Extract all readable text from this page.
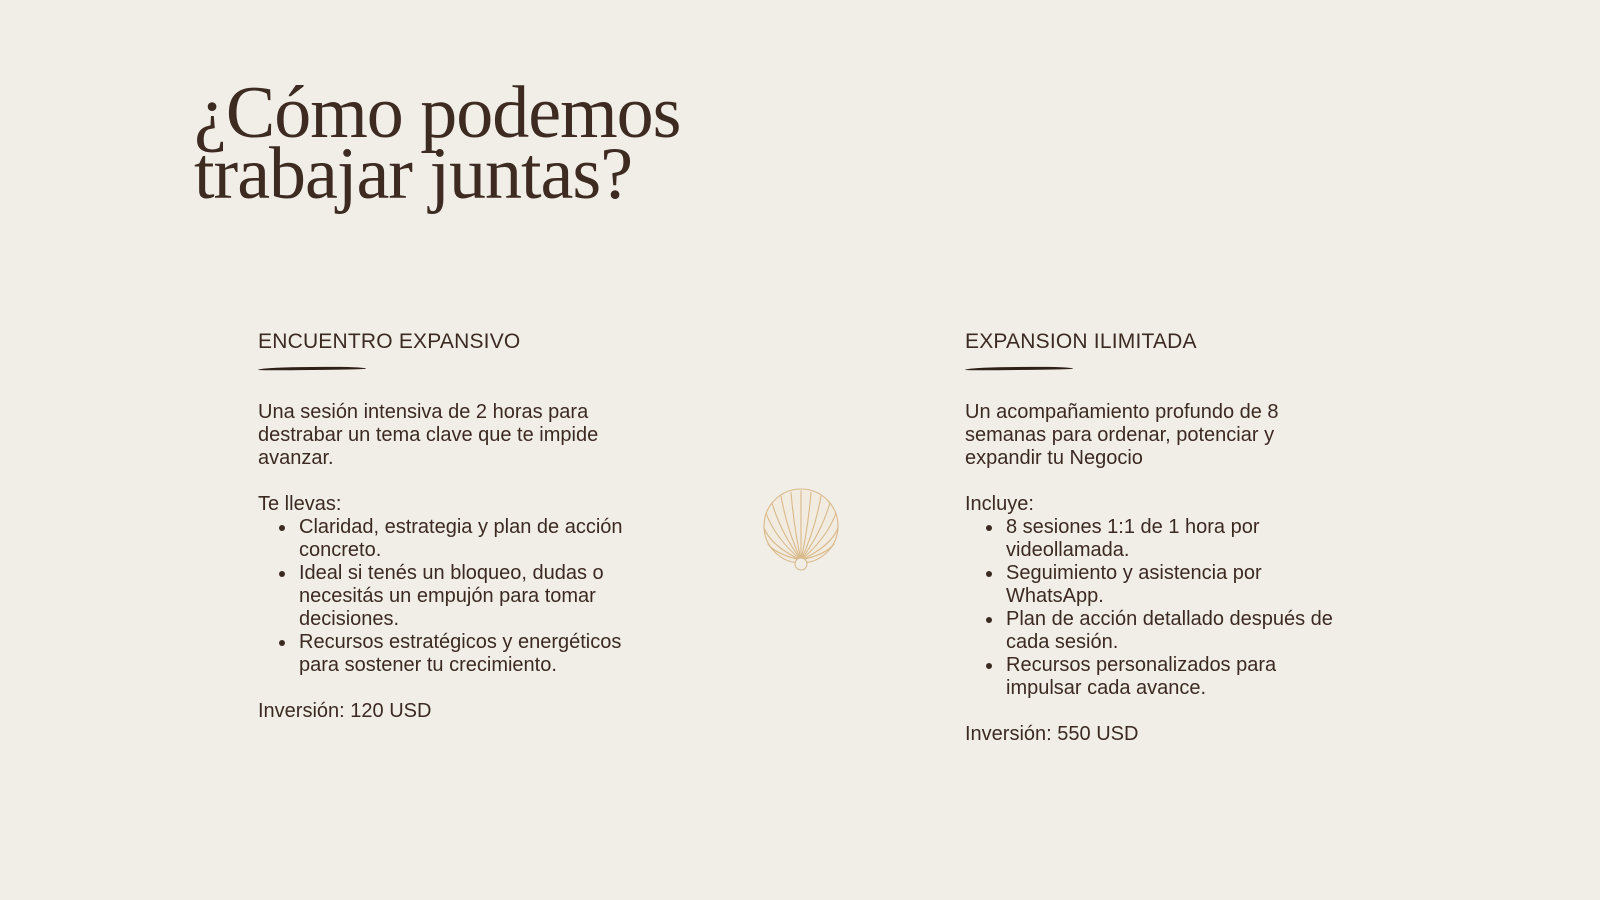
¿Cómo podemos
trabajar juntas?
ENCUENTRO EXPANSIVO

Una sesión intensiva de 2 horas para destrabar un tema clave que te impide avanzar.

Te llevas:

Claridad, estrategia y plan de acción concreto.
Ideal si tenés un bloqueo, dudas o necesitás un empujón para tomar decisiones.
Recursos estratégicos y energéticos para sostener tu crecimiento.

Inversión: 120 USD

EXPANSION ILIMITADA

Un acompañamiento profundo de 8 semanas para ordenar, potenciar y expandir tu Negocio

Incluye:

8 sesiones 1:1 de 1 hora por videollamada.
Seguimiento y asistencia por WhatsApp.
Plan de acción detallado después de cada sesión.
Recursos personalizados para impulsar cada avance.

Inversión: 550 USD
